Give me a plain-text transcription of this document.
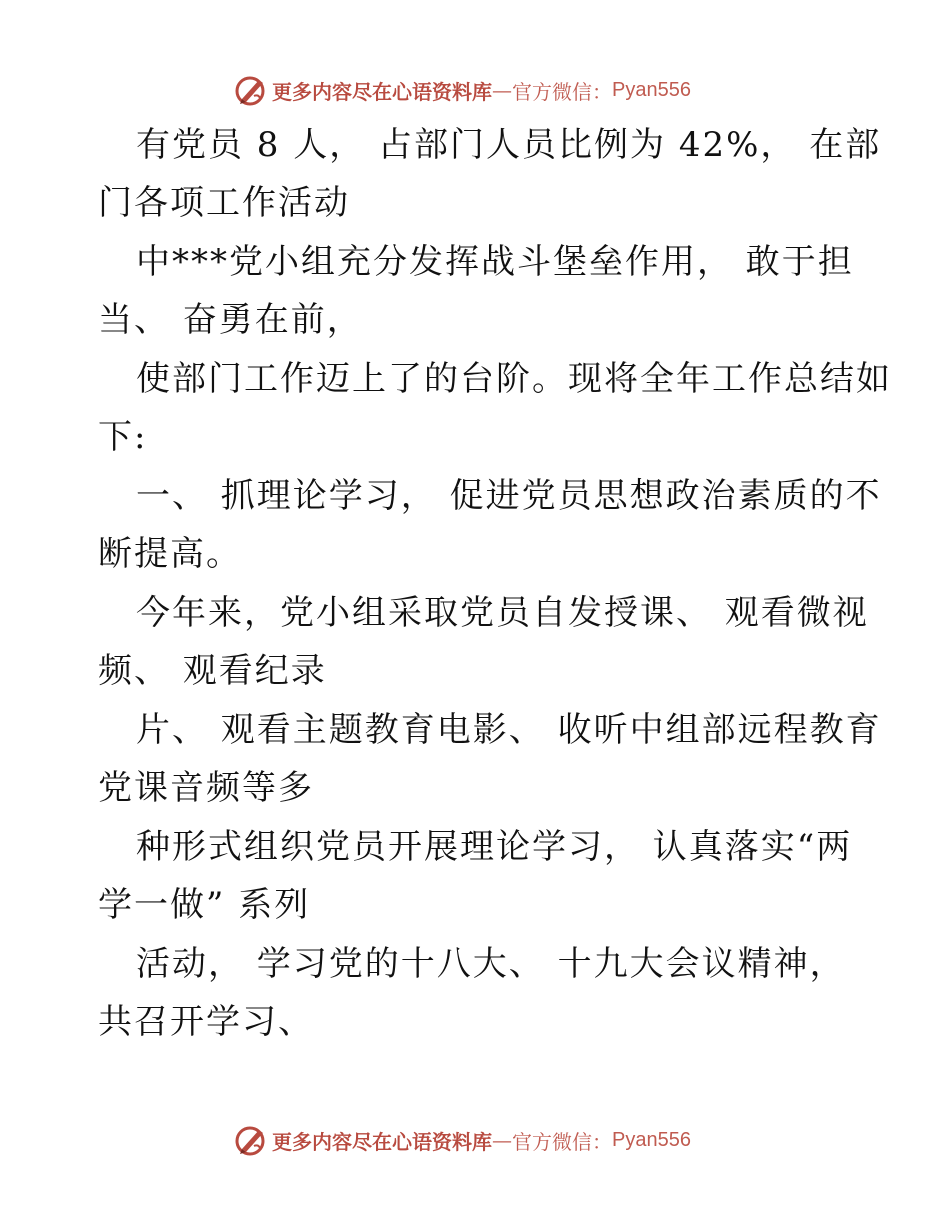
更多内容尽在心语资料库 — 官方微信： Pyan556
有党员 8 人， 占部门人员比例为 42%， 在部
门各项工作活动
中***党小组充分发挥战斗堡垒作用， 敢于担
当、 奋勇在前，
使部门工作迈上了的台阶。现将全年工作总结如
下:
一、 抓理论学习， 促进党员思想政治素质的不
断提高。
今年来，党小组采取党员自发授课、 观看微视
频、 观看纪录
片、 观看主题教育电影、 收听中组部远程教育
党课音频等多
种形式组织党员开展理论学习， 认真落实“两
学一做” 系列
活动， 学习党的十八大、 十九大会议精神，
共召开学习、
更多内容尽在心语资料库 — 官方微信： Pyan556
